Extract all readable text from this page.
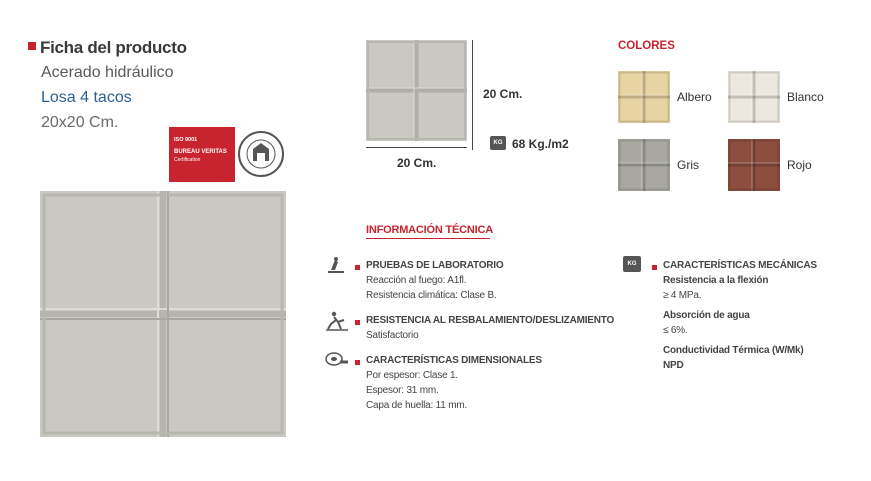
Ficha del producto
Acerado hidráulico
Losa 4 tacos
20x20 Cm.
ISO 9001
BUREAU VERITAS
Certification
20 Cm.
20 Cm.
KG 68 Kg./m2
COLORES
Albero	Blanco
Gris	Rojo
INFORMACIÓN TÉCNICA
PRUEBAS DE LABORATORIO
Reacción al fuego: A1fl.
Resistencia climática: Clase B.
RESISTENCIA AL RESBALAMIENTO/DESLIZAMIENTO
Satisfactorio
CARACTERÍSTICAS DIMENSIONALES
Por espesor: Clase 1.
Espesor: 31 mm.
Capa de huella: 11 mm.
KG	CARACTERÍSTICAS MECÁNICAS
Resistencia a la flexión
≥ 4 MPa.
Absorción de agua
≤ 6%.
Conductividad Térmica (W/Mk)
NPD
